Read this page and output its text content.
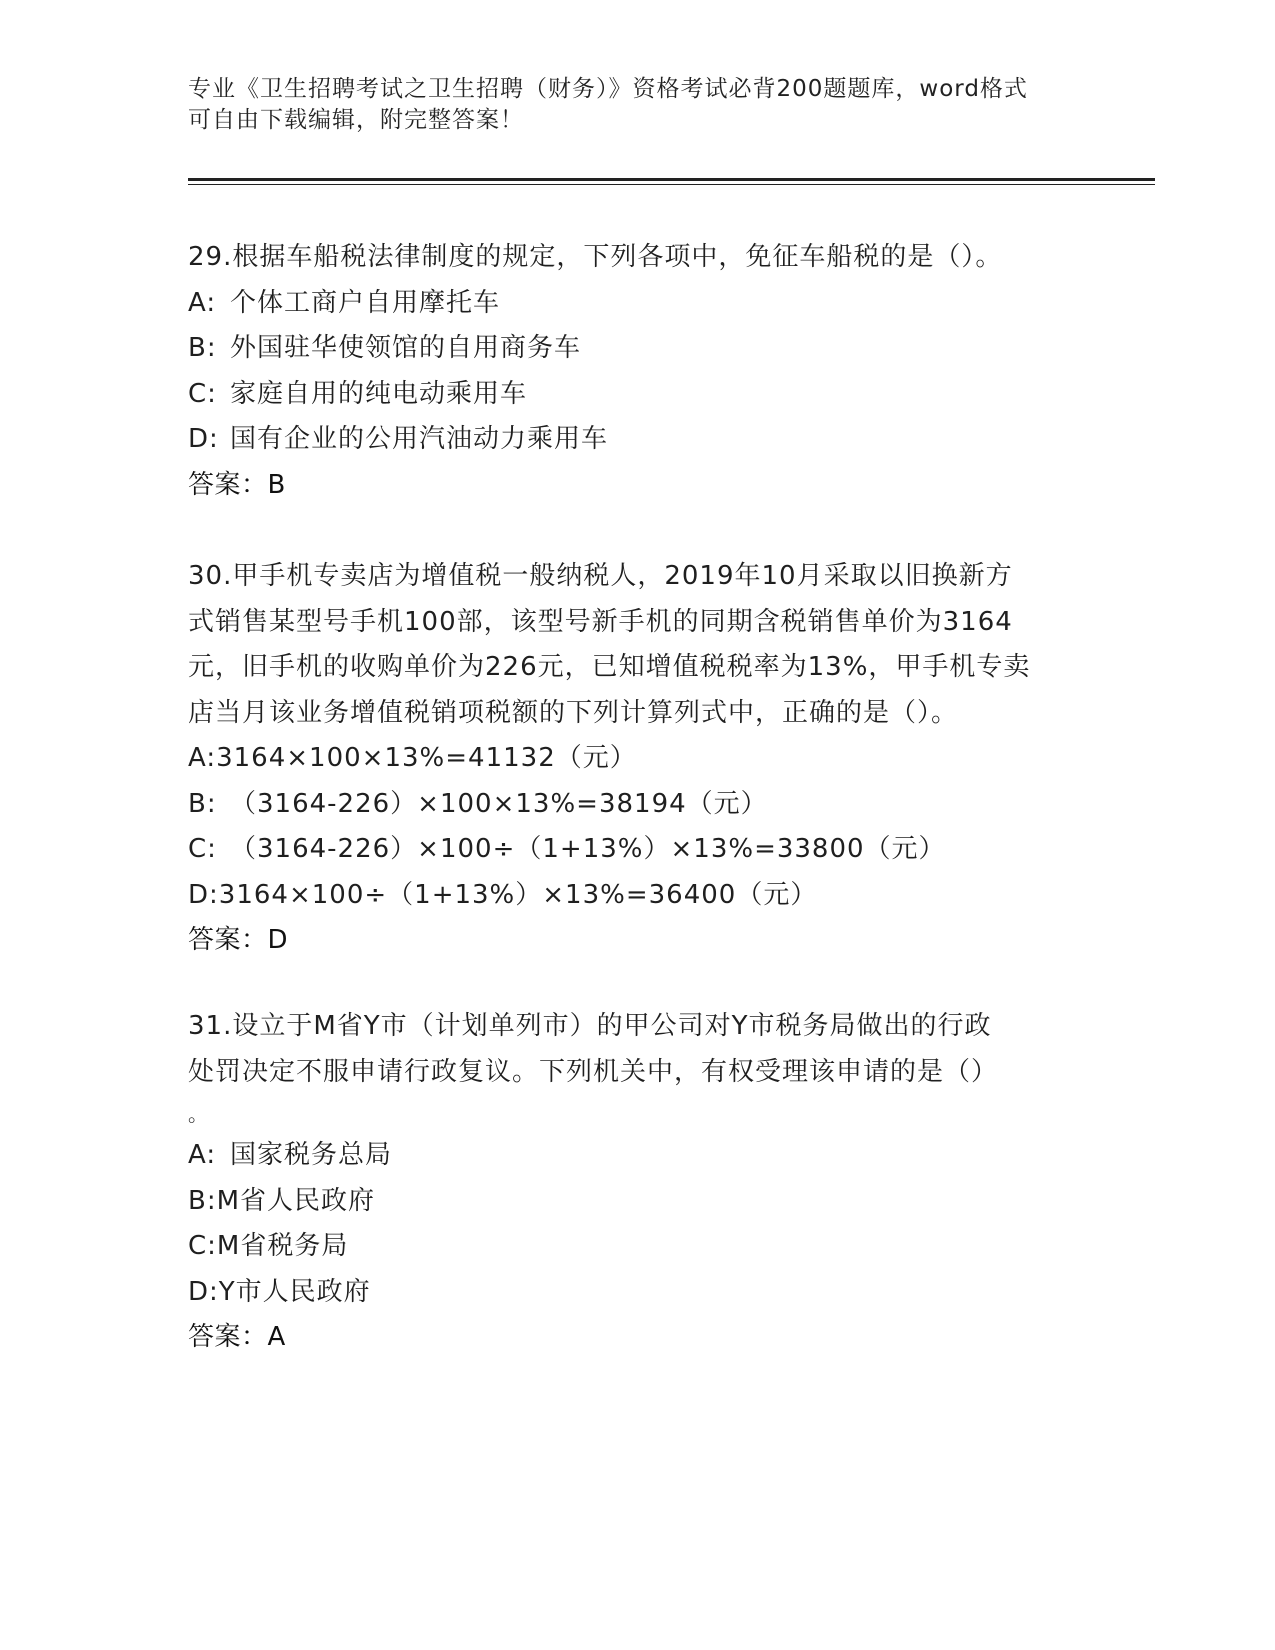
专业《卫生招聘考试之卫生招聘（财务）》资格考试必背200题题库，word格式
可自由下载编辑，附完整答案！
29.根据车船税法律制度的规定，下列各项中，免征车船税的是（）。
A: 个体工商户自用摩托车
B: 外国驻华使领馆的自用商务车
C: 家庭自用的纯电动乘用车
D: 国有企业的公用汽油动力乘用车
答案：B
30.甲手机专卖店为增值税一般纳税人，2019年10月采取以旧换新方
式销售某型号手机100部，该型号新手机的同期含税销售单价为3164
元，旧手机的收购单价为226元，已知增值税税率为13%，甲手机专卖
店当月该业务增值税销项税额的下列计算列式中，正确的是（）。
A:3164×100×13%=41132（元）
B: （3164-226）×100×13%=38194（元）
C: （3164-226）×100÷（1+13%）×13%=33800（元）
D:3164×100÷（1+13%）×13%=36400（元）
答案：D
31.设立于M省Y市（计划单列市）的甲公司对Y市税务局做出的行政
处罚决定不服申请行政复议。下列机关中，有权受理该申请的是（）
。
A: 国家税务总局
B:M省人民政府
C:M省税务局
D:Y市人民政府
答案：A
